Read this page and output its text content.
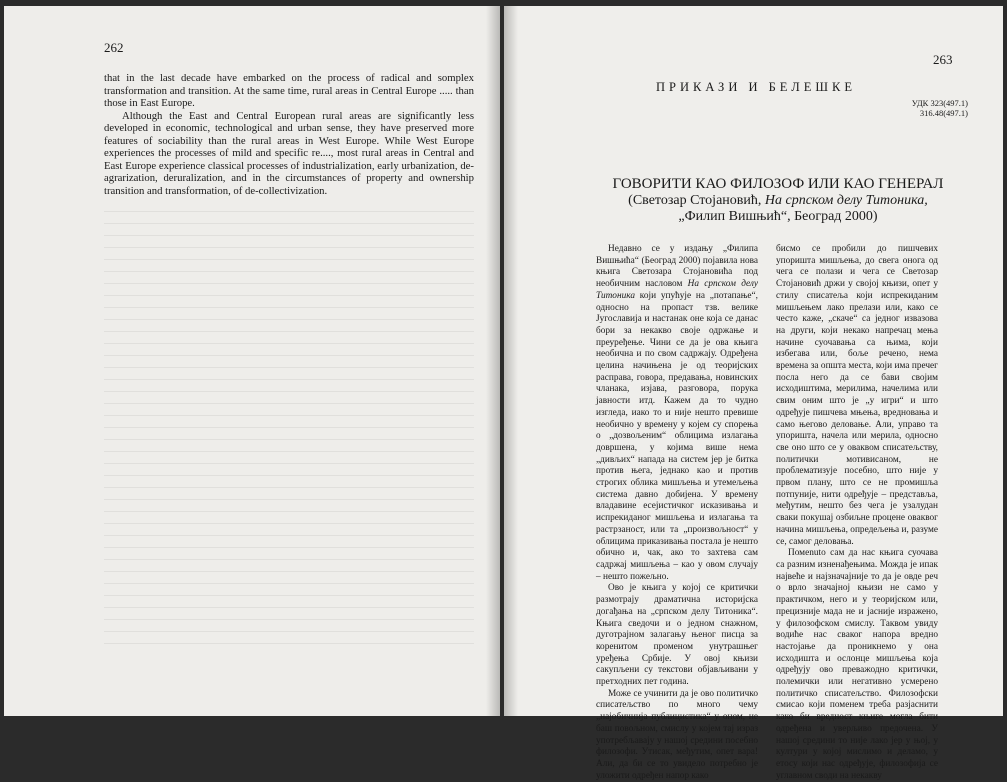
262

that in the last decade have embarked on the process of radical and somplex transformation and transition. At the same time, rural areas in Central Europe ..... than those in East Europe.

Although the East and Central European rural areas are significantly less developed in economic, technological and urban sense, they have preserved more features of sociability than the rural areas in West Europe. While West Europe experiences the processes of mild and specific re...., most rural areas in Central and East Europe experience classical processes of industrialization, early urbanization, de-agrarization, deruralization, and in the circumstances of property and ownership transition and transformation, of de-collectivization.

263
ПРИКАЗИ И БЕЛЕШКЕ
УДК 323(497.1)
316.48(497.1)
ГОВОРИТИ КАО ФИЛОЗОФ ИЛИ КАО ГЕНЕРАЛ
(Светозар Стојановић, На српском делу Титоника,
„Филип Вишњић“, Београд 2000)

Недавно се у издању „Филипа Вишњића“ (Београд 2000) појавила нова књига Светозара Стојановића под необичним насловом На српском делу Титоника који упућује на „потапање“, односно на пропаст тзв. велике Југославија и настанак оне која се данас бори за некакво своје одржање и преуређење. Чини се да је ова књига необична и по свом садржају. Одређена целина начињена је од теоријских расправа, говора, предавања, новинских чланака, изјава, разговора, порука јавности итд. Кажем да то чудно изгледа, иако то и није нешто превише необично у времену у којем су спорења о „дозвољеним“ облицима излагања довршена, у којима више нема „дивљих“ напада на систем јер је битка против њега, једнако као и против строгих облика мишљења и утемељења система давно добијена. У времену владавине есејистичког исказивања и испрекиданог мишљења и излагања та растрзаност, или та „произвољност“ у облицима приказивања постала је нешто обично и, чак, ако то захтева сам садржај мишљења – као у овом случају – нешто пожељно.

Ово је књига у којој се критички размотрају драматична историјска догађања на „српском делу Титоника“. Књига сведочи и о једном снажном, дуготрајном залагању њеног писца за коренитом променом унутрашњег уређења Србије. У овој књизи сакупљени су текстови објављивани у претходних пет година.

Може се учинити да је ово политичко списатељство по много чему „најобичнија публицистика“ у оном, не баш повољном, смислу у којем тај израз употребљавају у нашој средини посебно филозофи. Утисак, међутим, опет вара! Али, да би се то увидело потребно је уложити одређен напор како

бисмо се пробили до пишчевих упоришта мишљења, до свега онога од чега се полази и чега се Светозар Стојановић држи у својој књизи, опет у стилу списатеља који испрекиданим мишљењем лако прелази или, како се често каже, „скаче“ са једног извазова на други, који некако напречац мења начине суочавања са њима, који избегава или, боље речено, нема времена за општа места, који има пречег посла него да се бави својим исходиштима, мерилима, начелима или свим оним што је „у игри“ и што одређује пишчева мњења, вредновања и само његово деловање. Али, управо та упоришта, начела или мерила, односно све оно што се у оваквом списатељству, политички мотивисаном, не проблематизује посебно, што није у првом плану, што се не промишља потпуније, нити одређује – представља, међутим, нешто без чега је узалудан сваки покушај озбиљне процене оваквог начина мишљења, опредељења и, разуме се, самог деловања.

Помenuto сам да нас књига суочава са разним изненађењима. Можда је ипак највеће и најзначајније то да је овде реч о врло значајној књизи не само у практичком, него и у теоријском или, прецизније мада не и јасније изражено, у филозофском смислу. Таквом увиду водиће нас сваког напора вредно настојање да проникнемо у она исходишта и ослонце мишљења која одређују ово преважодно критички, полемички или негативно усмерено политичко списатељство. Филозофски смисао који поменем треба разјаснити како би вредност књиге могла бити одређена и уверљиво предочена. У нашој средини то није лако јер у њој, у култури у којој мислимо и деламо, у етосу који нас одређује, филозофија се углавном своди на некакву
